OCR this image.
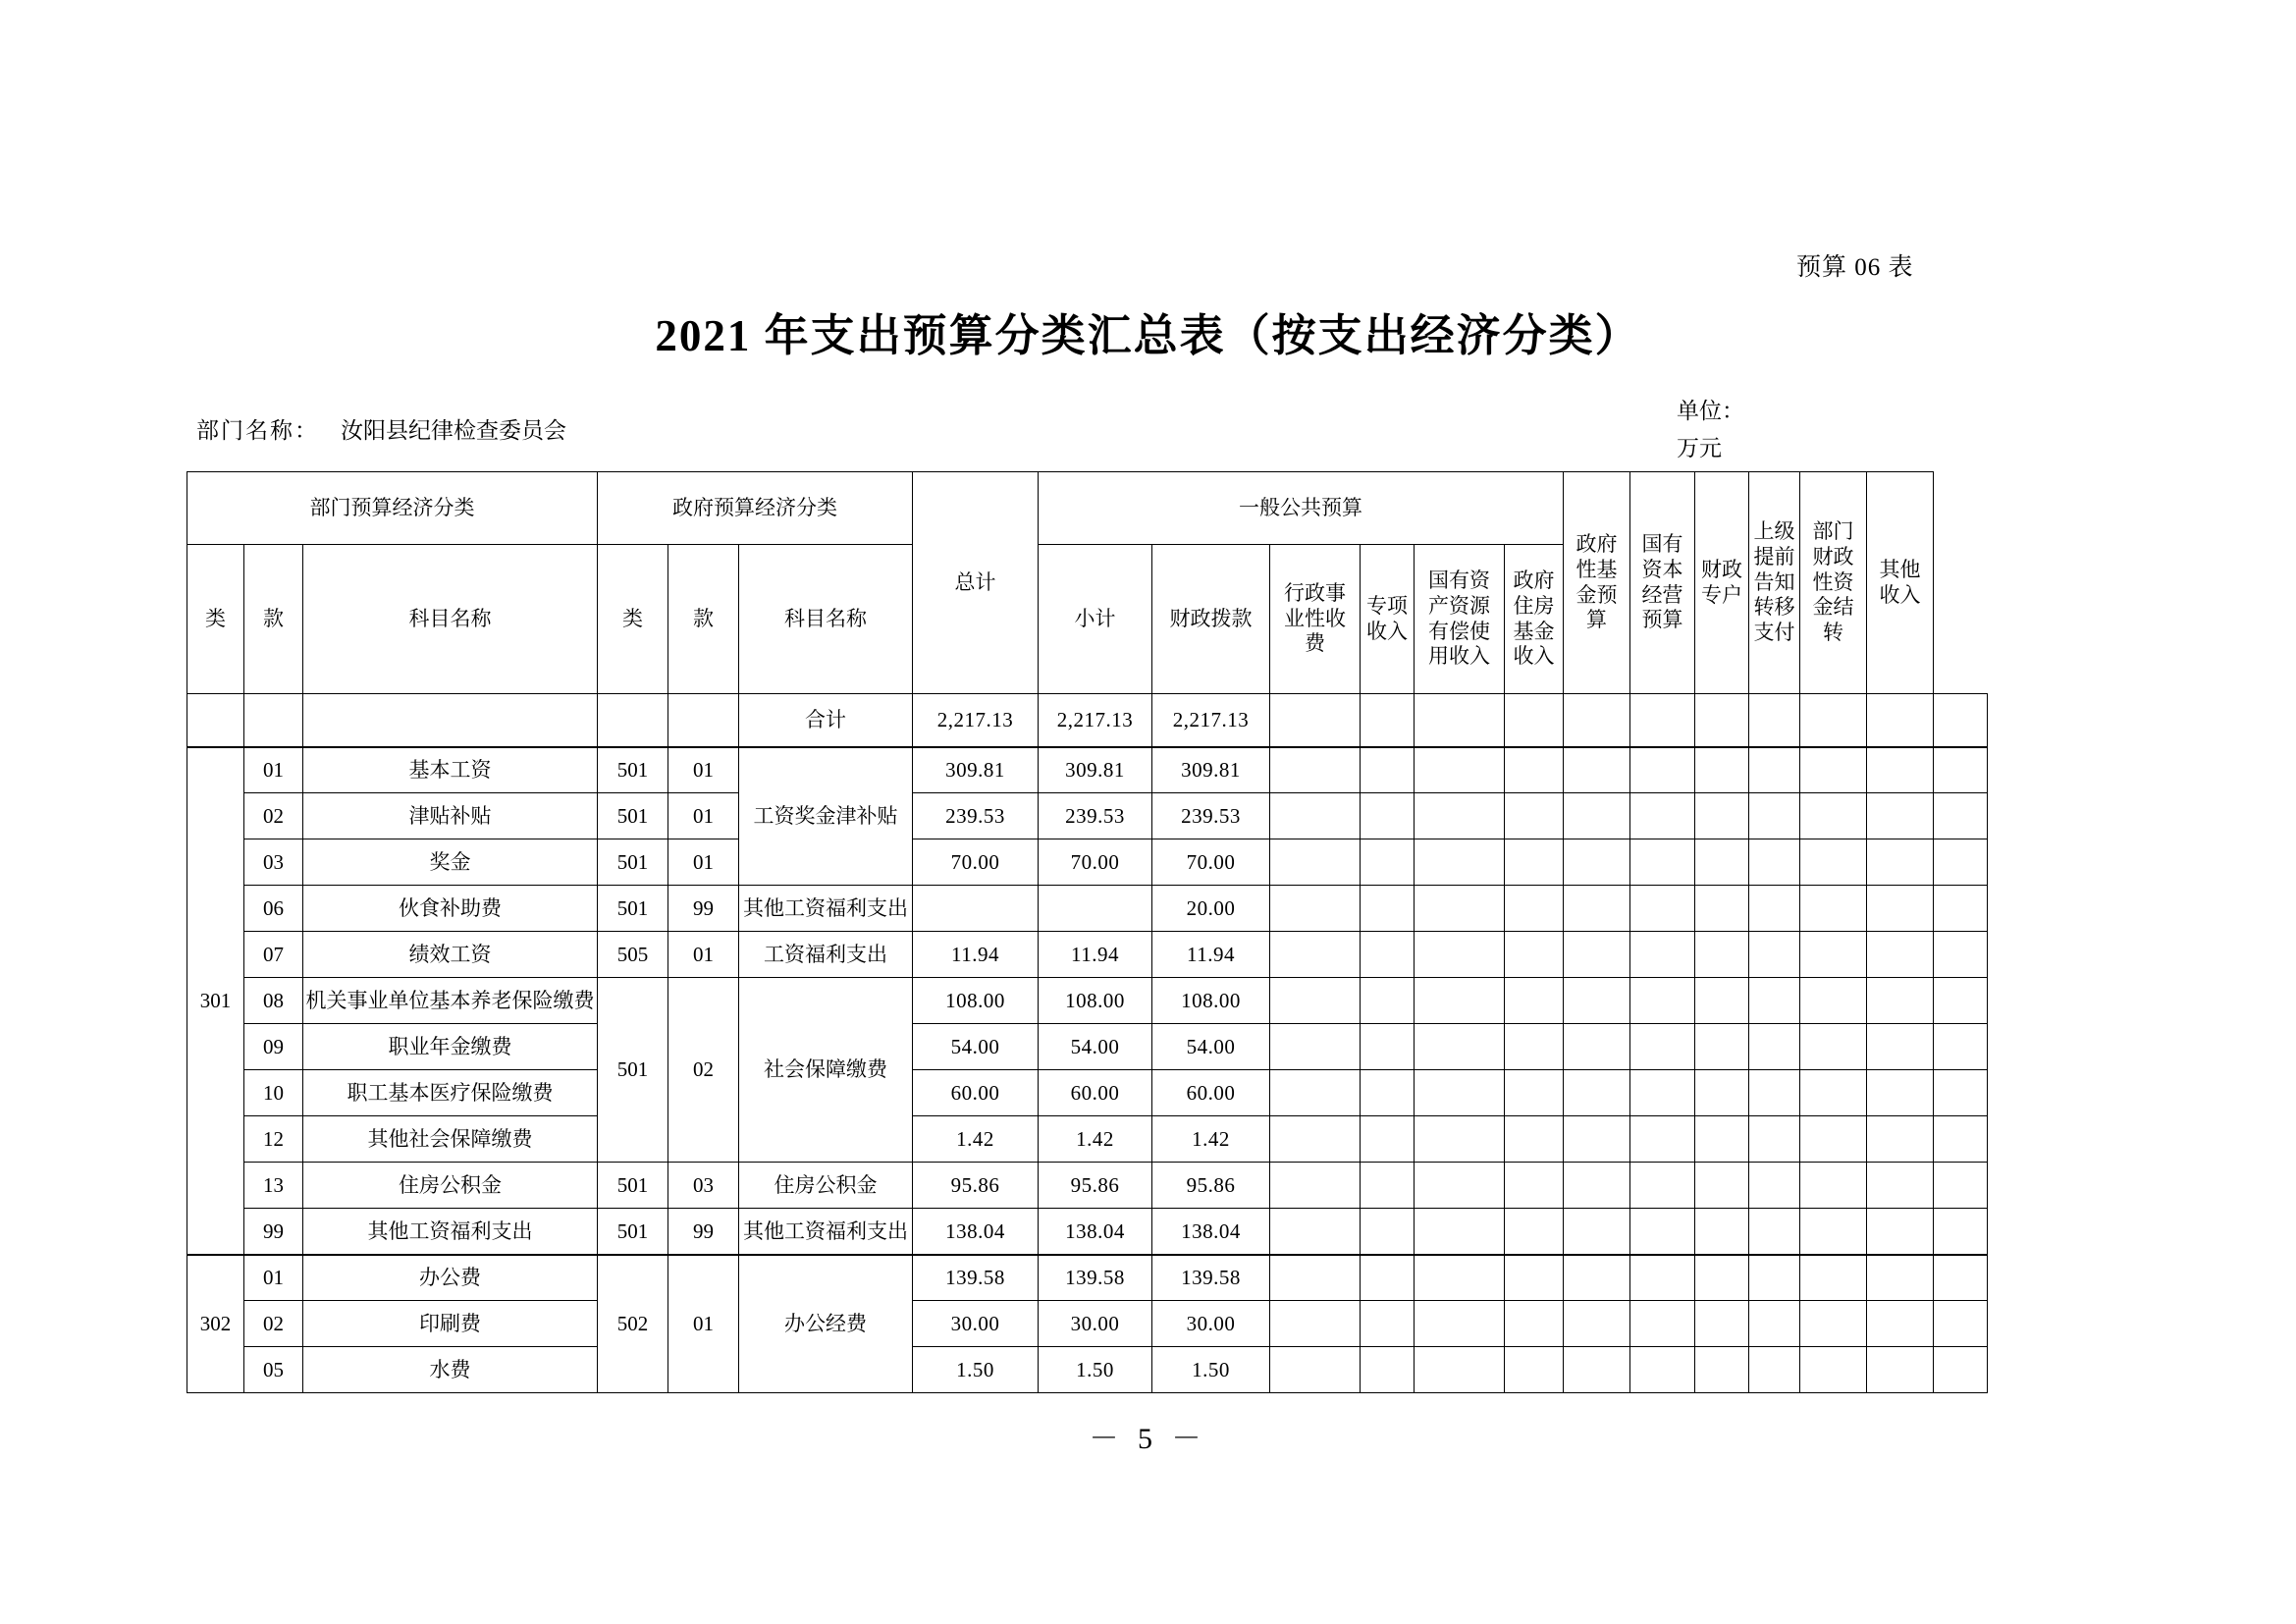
预算 06 表
2021 年支出预算分类汇总表（按支出经济分类）
部门名称： 汝阳县纪律检查委员会
单位：
万元
部门预算经济分类			政府预算经济分类			总计	一般公共预算						政府性基金预算	国有资本经营预算	财政专户	上级提前告知转移支付	部门财政性资金结转	其他收入	

类	款	科目名称	类	款	科目名称		小计	财政拨款	行政事业性收费	专项收入	国有资产资源有偿使用收入	政府住房基金收入							

					合计	2,217.13	2,217.13	2,217.13											
301	01	基本工资	501	01	工资奖金津补贴	309.81	309.81	309.81											
	02	津贴补贴	501	01		239.53	239.53	239.53											
	03	奖金	501	01		70.00	70.00	70.00											
	06	伙食补助费	501	99	其他工资福利支出			20.00											
	07	绩效工资	505	01	工资福利支出	11.94	11.94	11.94											
	08	机关事业单位基本养老保险缴费	501	02	社会保障缴费	108.00	108.00	108.00											
	09	职业年金缴费				54.00	54.00	54.00											
	10	职工基本医疗保险缴费				60.00	60.00	60.00											
	12	其他社会保障缴费				1.42	1.42	1.42											
	13	住房公积金	501	03	住房公积金	95.86	95.86	95.86											
	99	其他工资福利支出	501	99	其他工资福利支出	138.04	138.04	138.04											
302	01	办公费	502	01	办公经费	139.58	139.58	139.58											
	02	印刷费				30.00	30.00	30.00											
	05	水费				1.50	1.50	1.50											
－ 5 －
